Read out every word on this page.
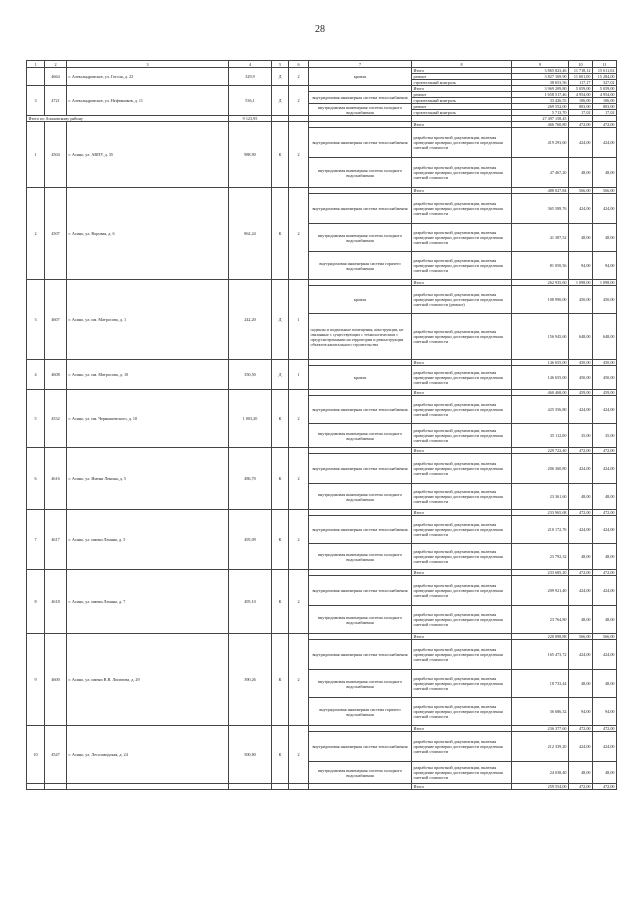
28
1	2	3	4	5	6	7	8	9	10	11
	4664	г. Александровское, ул. Гоголя, д. 22	329,9	Д	2	кровля	Итого	3 865 823,46	11 718,12	15 611,02
							ремонт	3 827 169,90	11 601,00	15 284,00
							строительный контроль	38 653,56	117,17	327,02
3	4721	г. Александровское, ул. Нефтяников, д. 11	536,1	Д	2		Итого	3 969 209,80	5 059,00	5 059,00
						внутридомовая инженерная система теплоснабжения	ремонт	1 658 517,46	4 954,00	4 954,00
							строительный контроль	33 426,55	106,00	106,00
						внутридомовая инженерная система холодного водоснабжения	ремонт	269 552,00	803,00	803,00
							строительный контроль	5 713,70	17,02	17,02
Итого по Асиновскому району			9 123,95					27 497 158,45		
1	4504	г. Асино, ул. АВПУ, д. 35	988,90	К	2		Итого	466 760,80	472,00	472,00
						внутридомовая инженерная система теплоснабжения	разработка проектной документации, включая проведение проверки достоверности определения сметной стоимости	419 293,60	424,00	424,00
						внутридомовая инженерная система холодного водоснабжения	разработка проектной документации, включая проведение проверки достоверности определения сметной стоимости	47 467,20	48,00	48,00
2	4507	г. Асино, ул. Воровая, д. 6	862,24	К	2		Итого	488 027,84	566,00	566,00
						внутридомовая инженерная система теплоснабжения	разработка проектной документации, включая проведение проверки достоверности определения сметной стоимости	365 589,76	424,00	424,00
						внутридомовая инженерная система холодного водоснабжения	разработка проектной документации, включая проведение проверки достоверности определения сметной стоимости	41 387,52	48,00	48,00
						внутридомовая инженерная система горячего водоснабжения	разработка проектной документации, включая проведение проверки достоверности определения сметной стоимости	81 050,56	94,00	94,00
3	4607	г. Асино, ул. им. Матросова, д. 1	242,20	Д	1		Итого	262 935,60	1 098,00	1 098,00
						кровля	разработка проектной документации, включая проведение проверки достоверности определения сметной стоимости (ремонт)	108 990,00	450,00	450,00
						подвалы и подвальные помещения, конструкции, не связанные с существующих с технологическим с предусмотренными на территории и реконструкции объектов капитального строительства	разработка проектной документации, включая проведение проверки достоверности определения сметной стоимости	156 945,60	648,00	648,00
4	4608	г. Асино, ул. им. Матросова, д. 10	350,50	Д	1		Итого	146 655,00	450,00	450,00
						кровля	разработка проектной документации, включая проведение проверки достоверности определения сметной стоимости	146 655,00	450,00	450,00
5	4532	г. Асино, ул. им. Чернышевского, д. 10	1 003,20	К	2		Итого	460 468,00	459,00	459,00
						внутридомовая инженерная система теплоснабжения	разработка проектной документации, включая проведение проверки достоверности определения сметной стоимости	425 356,80	424,00	424,00
						внутридомовая инженерная система холодного водоснабжения	разработка проектной документации, включая проведение проверки достоверности определения сметной стоимости	35 112,00	35,00	35,00
6	4616	г. Асино, ул. Имени Ленина, д. 5	486,70	К	2		Итого	229 722,40	472,00	472,00
						внутридомовая инженерная система теплоснабжения	разработка проектной документации, включая проведение проверки достоверности определения сметной стоимости	206 360,80	424,00	424,00
						внутридомовая инженерная система холодного водоснабжения	разработка проектной документации, включая проведение проверки достоверности определения сметной стоимости	23 361,60	48,00	48,00
7	4617	г. Асино, ул. имени Ленина, д. 5	495,09	К	2		Итого	233 965,68	472,00	472,00
						внутридомовая инженерная система теплоснабжения	разработка проектной документации, включая проведение проверки достоверности определения сметной стоимости	210 172,76	424,00	424,00
						внутридомовая инженерная система холодного водоснабжения	разработка проектной документации, включая проведение проверки достоверности определения сметной стоимости	23 792,32	48,00	48,00
8	4618	г. Асино, ул. имени Ленина, д. 7	495,10	К	2		Итого	233 685,20	472,00	472,00
						внутридомовая инженерная система теплоснабжения	разработка проектной документации, включая проведение проверки достоверности определения сметной стоимости	209 921,40	424,00	424,00
						внутридомовая инженерная система холодного водоснабжения	разработка проектной документации, включая проведение проверки достоверности определения сметной стоимости	23 764,80	48,00	48,00
9	4600	г. Асино, ул. имени В.В. Липатова, д. 29	390,26	К	2		Итого	220 098,88	566,00	566,00
						внутридомовая инженерная система теплоснабжения	разработка проектной документации, включая проведение проверки достоверности определения сметной стоимости	165 473,72	424,00	424,00
						внутридомовая инженерная система холодного водоснабжения	разработка проектной документации, включая проведение проверки достоверности определения сметной стоимости	18 733,44	48,00	48,00
						внутридомовая инженерная система горячего водоснабжения	разработка проектной документации, включая проведение проверки достоверности определения сметной стоимости	36 686,32	94,00	94,00
10	4547	г. Асино, ул. Лесозаводская, д. 24	500,80	К	2		Итого	236 377,60	472,00	472,00
						внутридомовая инженерная система теплоснабжения	разработка проектной документации, включая проведение проверки достоверности определения сметной стоимости	212 339,20	424,00	424,00
						внутридомовая инженерная система холодного водоснабжения	разработка проектной документации, включая проведение проверки достоверности определения сметной стоимости	24 038,40	48,00	48,00
							Итого	259 554,00	472,00	472,00
